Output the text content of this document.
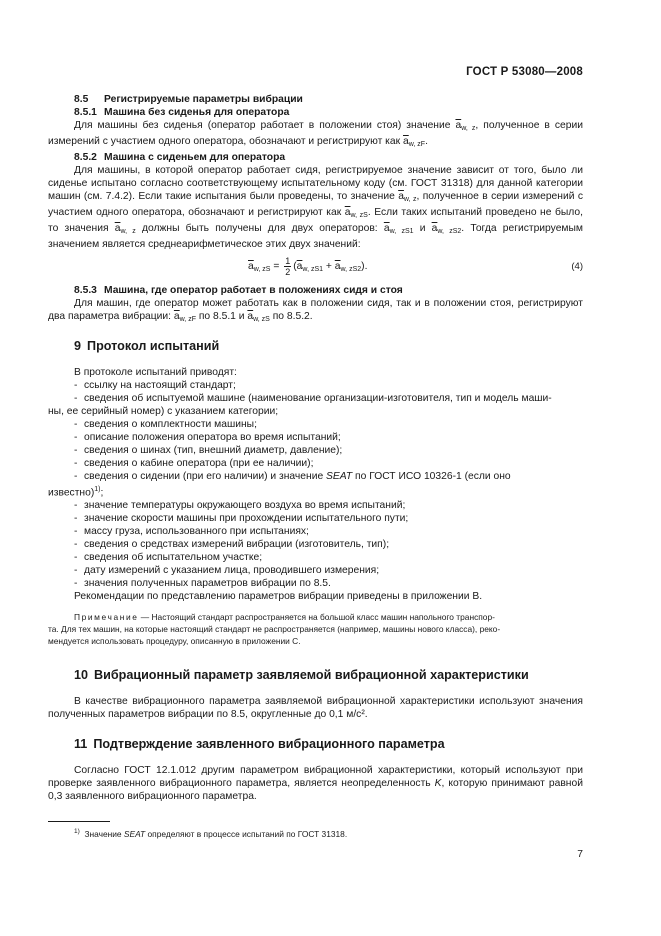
ГОСТ Р 53080—2008

8.5 Регистрируемые параметры вибрации

8.5.1 Машина без сиденья для оператора

Для машины без сиденья (оператор работает в положении стоя) значение $\overline{a}_{w, z}$, полученное в серии измерений с участием одного оператора, обозначают и регистрируют как $\overline{a}_{w, zF}$.

8.5.2 Машина с сиденьем для оператора

Для машины, в которой оператор работает сидя, регистрируемое значение зависит от того, было ли сиденье испытано согласно соответствующему испытательному коду (см. ГОСТ 31318) для данной категории машин (см. 7.4.2). Если такие испытания были проведены, то значение $\overline{a}_{w, z}$, полученное в серии измерений с участием одного оператора, обозначают и регистрируют как $\overline{a}_{w, zS}$. Если таких испытаний проведено не было, то значения $\overline{a}_{w, z}$ должны быть получены для двух операторов: $\overline{a}_{w, zS1}$ и $\overline{a}_{w, zS2}$. Тогда регистрируемым значением является среднеарифметическое этих двух значений:

$\overline{a}_{w, zS} = \frac{1}{2} (\overline{a}_{w, zS1} + \overline{a}_{w, zS2})$.	(4)

8.5.3 Машина, где оператор работает в положениях сидя и стоя

Для машин, где оператор может работать как в положении сидя, так и в положении стоя, регистрируют два параметра вибрации: $\overline{a}_{w, zF}$ по 8.5.1 и $\overline{a}_{w, zS}$ по 8.5.2.

9 Протокол испытаний

В протоколе испытаний приводят:

- ссылку на настоящий стандарт;

- сведения об испытуемой машине (наименование организации-изготовителя, тип и модель маши-

ны, ее серийный номер) с указанием категории;

- сведения о комплектности машины;

- описание положения оператора во время испытаний;

- сведения о шинах (тип, внешний диаметр, давление);

- сведения о кабине оператора (при ее наличии);

- сведения о сидении (при его наличии) и значение SEAT по ГОСТ ИСО 10326-1 (если оно

известно)$^{1)}$;

- значение температуры окружающего воздуха во время испытаний;

- значение скорости машины при прохождении испытательного пути;

- массу груза, использованного при испытаниях;

- сведения о средствах измерений вибрации (изготовитель, тип);

- сведения об испытательном участке;

- дату измерений с указанием лица, проводившего измерения;

- значения полученных параметров вибрации по 8.5.

Рекомендации по представлению параметров вибрации приведены в приложении В.

Примечание — Настоящий стандарт распространяется на большой класс машин напольного транспор-

та. Для тех машин, на которые настоящий стандарт не распространяется (например, машины нового класса), реко-

мендуется использовать процедуру, описанную в приложении С.

10 Вибрационный параметр заявляемой вибрационной характеристики

В качестве вибрационного параметра заявляемой вибрационной характеристики используют значения полученных параметров вибрации по 8.5, округленные до 0,1 м/с².

11 Подтверждение заявленного вибрационного параметра

Согласно ГОСТ 12.1.012 другим параметром вибрационной характеристики, который используют при проверке заявленного вибрационного параметра, является неопределенность K, которую принимают равной 0,3 заявленного вибрационного параметра.

$^{1)}$ Значение SEAT определяют в процессе испытаний по ГОСТ 31318.
7
